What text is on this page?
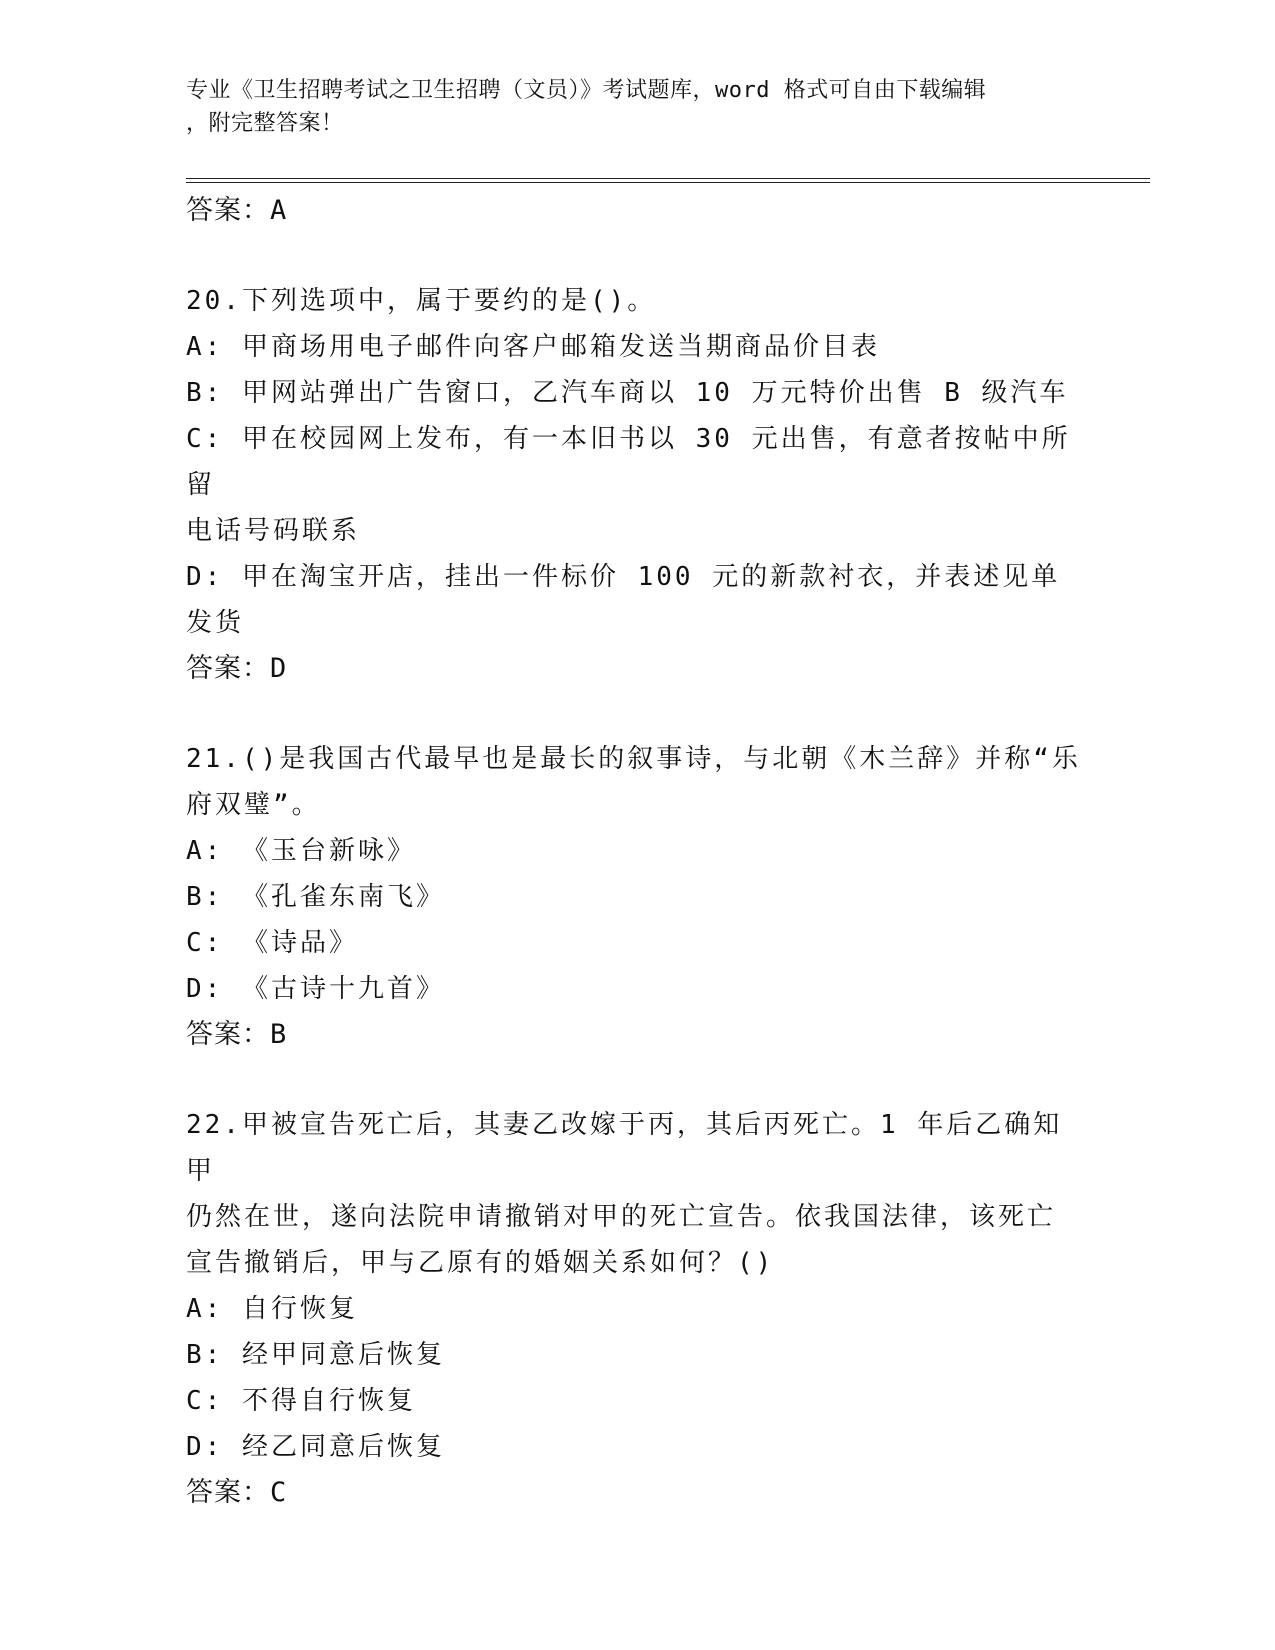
专业《卫生招聘考试之卫生招聘（文员）》考试题库，word 格式可自由下载编辑
，附完整答案！
答案：A
20.下列选项中，属于要约的是()。
A: 甲商场用电子邮件向客户邮箱发送当期商品价目表
B: 甲网站弹出广告窗口，乙汽车商以 10 万元特价出售 B 级汽车
C: 甲在校园网上发布，有一本旧书以 30 元出售，有意者按帖中所留
电话号码联系
D: 甲在淘宝开店，挂出一件标价 100 元的新款衬衣，并表述见单发货
答案：D
21.()是我国古代最早也是最长的叙事诗，与北朝《木兰辞》并称“乐
府双璧”。
A: 《玉台新咏》
B: 《孔雀东南飞》
C: 《诗品》
D: 《古诗十九首》
答案：B
22.甲被宣告死亡后，其妻乙改嫁于丙，其后丙死亡。1 年后乙确知甲
仍然在世，遂向法院申请撤销对甲的死亡宣告。依我国法律，该死亡
宣告撤销后，甲与乙原有的婚姻关系如何？()
A: 自行恢复
B: 经甲同意后恢复
C: 不得自行恢复
D: 经乙同意后恢复
答案：C
